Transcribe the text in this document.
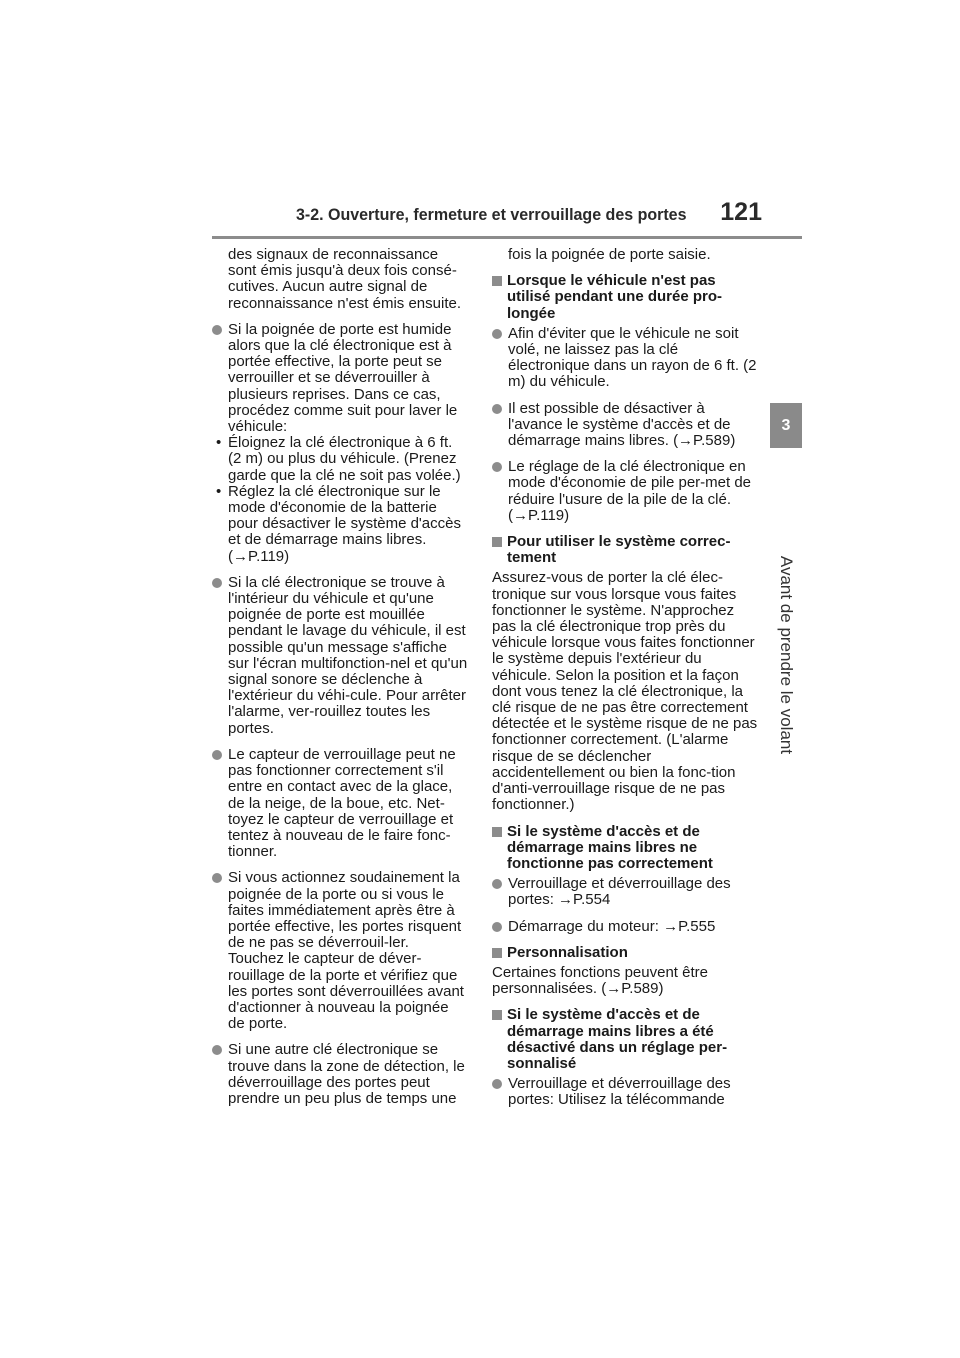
3-2. Ouverture, fermeture et verrouillage des portes 121
3
Avant de prendre le volant

des signaux de reconnaissance sont émis jusqu'à deux fois consé-cutives. Aucun autre signal de reconnaissance n'est émis ensuite.

Si la poignée de porte est humide alors que la clé électronique est à portée effective, la porte peut se verrouiller et se déverrouiller à plusieurs reprises. Dans ce cas, procédez comme suit pour laver le véhicule:
• Éloignez la clé électronique à 6 ft. (2 m) ou plus du véhicule. (Prenez garde que la clé ne soit pas volée.)
• Réglez la clé électronique sur le mode d'économie de la batterie pour désactiver le système d'accès et de démarrage mains libres. (→P.119)
Si la clé électronique se trouve à l'intérieur du véhicule et qu'une poignée de porte est mouillée pendant le lavage du véhicule, il est possible qu'un message s'affiche sur l'écran multifonction-nel et qu'un signal sonore se déclenche à l'extérieur du véhi-cule. Pour arrêter l'alarme, ver-rouillez toutes les portes.
Le capteur de verrouillage peut ne pas fonctionner correctement s'il entre en contact avec de la glace, de la neige, de la boue, etc. Net-toyez le capteur de verrouillage et tentez à nouveau de le faire fonc-tionner.
Si vous actionnez soudainement la poignée de la porte ou si vous le faites immédiatement après être à portée effective, les portes risquent de ne pas se déverrouil-ler. Touchez le capteur de déver-rouillage de la porte et vérifiez que les portes sont déverrouillées avant d'actionner à nouveau la poignée de porte.
Si une autre clé électronique se trouve dans la zone de détection, le déverrouillage des portes peut prendre un peu plus de temps une

fois la poignée de porte saisie.

Lorsque le véhicule n'est pas utilisé pendant une durée pro-longée
Afin d'éviter que le véhicule ne soit volé, ne laissez pas la clé électronique dans un rayon de 6 ft. (2 m) du véhicule.
Il est possible de désactiver à l'avance le système d'accès et de démarrage mains libres. (→P.589)
Le réglage de la clé électronique en mode d'économie de pile per-met de réduire l'usure de la pile de la clé. (→P.119)
Pour utiliser le système correc-tement

Assurez-vous de porter la clé élec-tronique sur vous lorsque vous faites fonctionner le système. N'approchez pas la clé électronique trop près du véhicule lorsque vous faites fonctionner le système depuis l'extérieur du véhicule. Selon la position et la façon dont vous tenez la clé électronique, la clé risque de ne pas être correctement détectée et le système risque de ne pas fonctionner correctement. (L'alarme risque de se déclencher accidentellement ou bien la fonc-tion d'anti-verrouillage risque de ne pas fonctionner.)

Si le système d'accès et de démarrage mains libres ne fonctionne pas correctement
Verrouillage et déverrouillage des portes: →P.554
Démarrage du moteur: →P.555
Personnalisation

Certaines fonctions peuvent être personnalisées. (→P.589)

Si le système d'accès et de démarrage mains libres a été désactivé dans un réglage per-sonnalisé
Verrouillage et déverrouillage des portes: Utilisez la télécommande
